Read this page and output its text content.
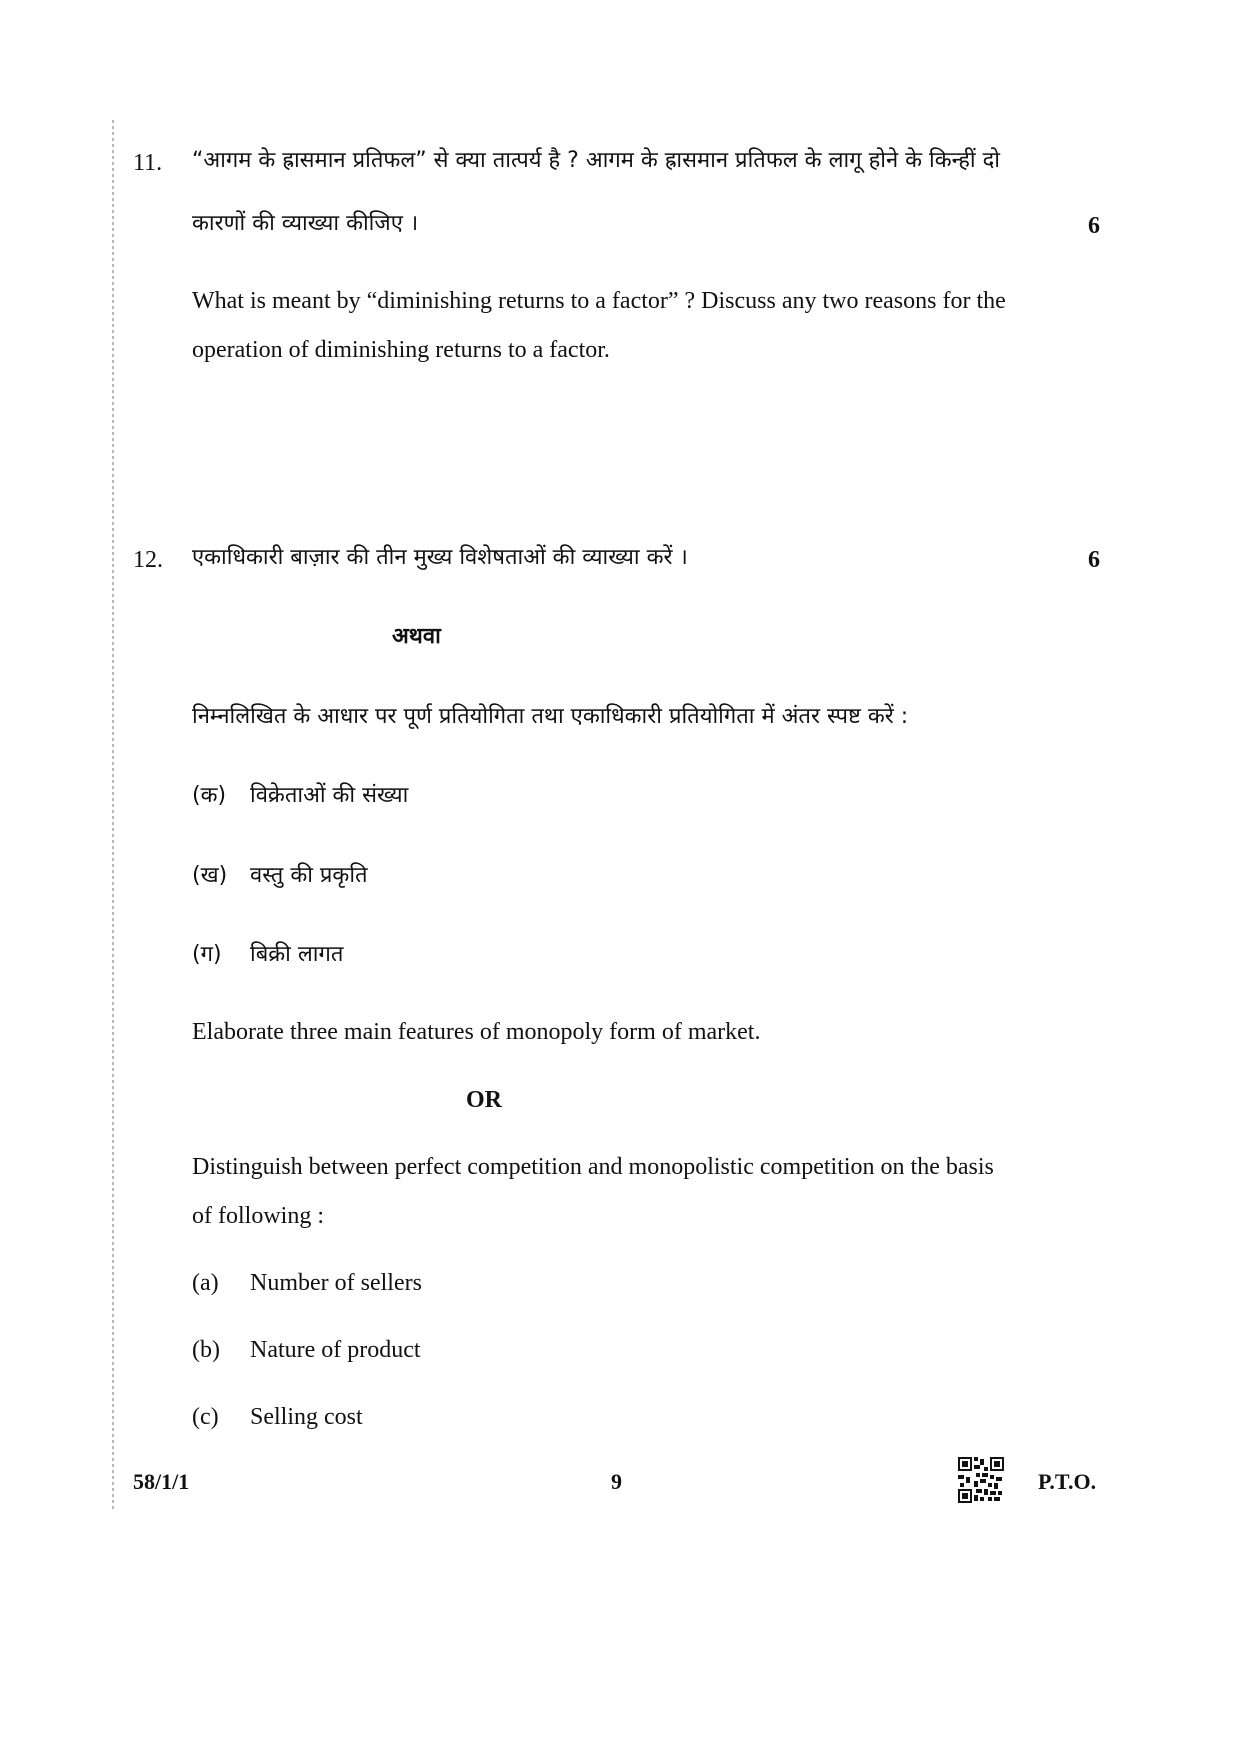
11. “आगम के ह्रासमान प्रतिफल” से क्या तात्पर्य है ? आगम के ह्रासमान प्रतिफल के लागू होने के किन्हीं दो
कारणों की व्याख्या कीजिए ।	6
What is meant by “diminishing returns to a factor” ? Discuss any two reasons for the
operation of diminishing returns to a factor.
12. एकाधिकारी बाज़ार की तीन मुख्य विशेषताओं की व्याख्या करें ।	6
अथवा
निम्नलिखित के आधार पर पूर्ण प्रतियोगिता तथा एकाधिकारी प्रतियोगिता में अंतर स्पष्ट करें :
(क) विक्रेताओं की संख्या
(ख) वस्तु की प्रकृति
(ग) बिक्री लागत
Elaborate three main features of monopoly form of market.
OR
Distinguish between perfect competition and monopolistic competition on the basis
of following :
(a) Number of sellers
(b) Nature of product
(c) Selling cost
58/1/1	9	P.T.O.
